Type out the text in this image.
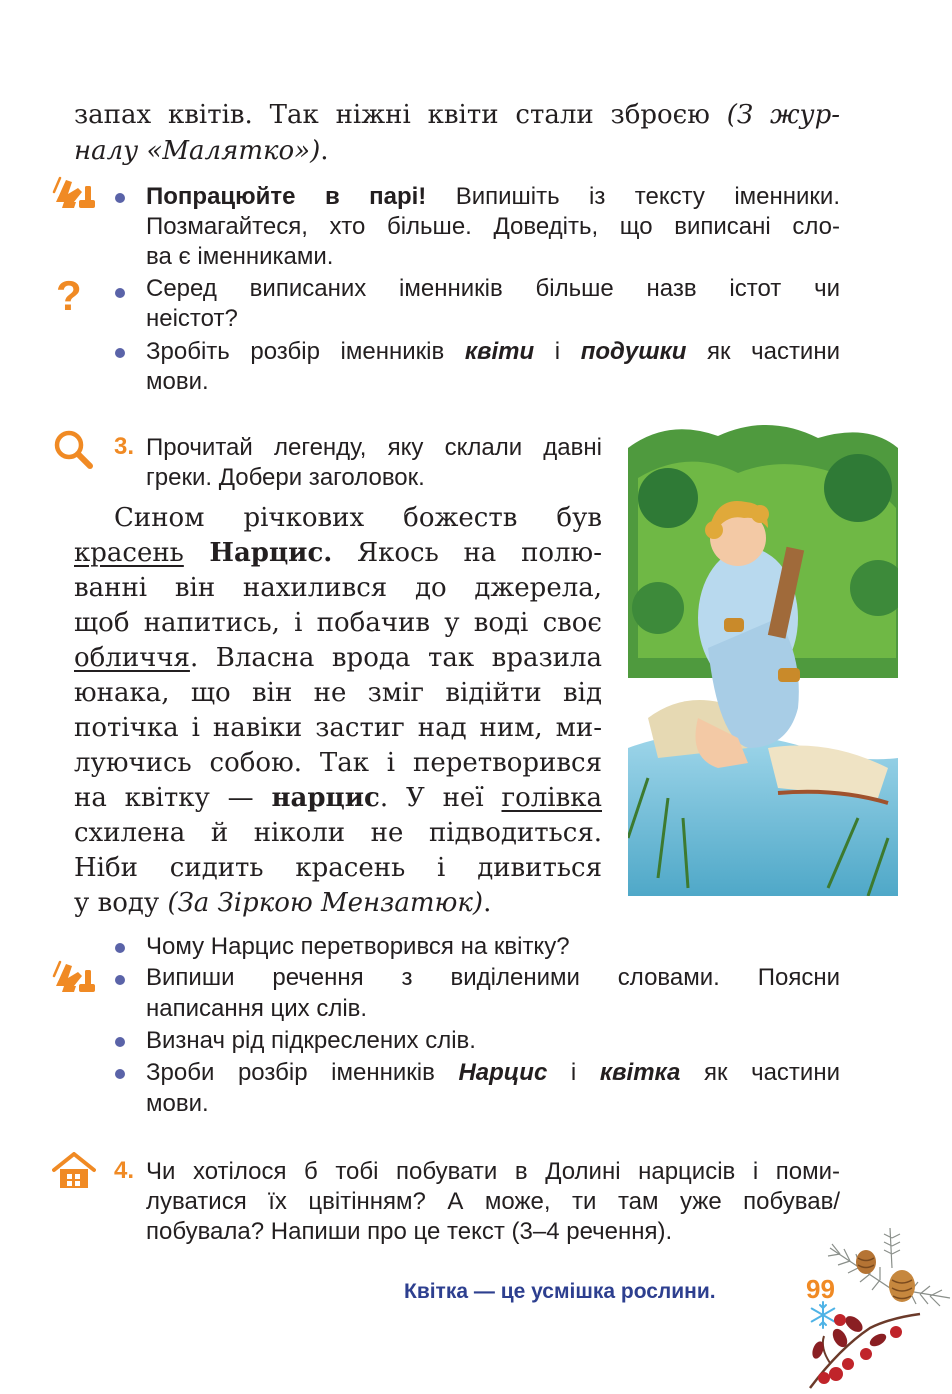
запах квітів. Так ніжні квіти стали зброєю (З жур-
налу «Малятко»).
Попрацюйте в парі! Випишіть із тексту іменники.
Позмагайтеся, хто більше. Доведіть, що виписані сло-
ва є іменниками.
?	Серед виписаних іменників більше назв істот чи
неістот?
Зробіть розбір іменників квіти і подушки як частини
мови.
3. Прочитай легенду, яку склали давні
греки. Добери заголовок.
Сином річкових божеств був
красень Нарцис. Якось на полю-
ванні він нахилився до джерела,
щоб напитись, і побачив у воді своє
обличчя. Власна врода так вразила
юнака, що він не зміг відійти від
потічка і навіки застиг над ним, ми-
луючись собою. Так і перетворився
на квітку — нарцис. У неї голівка
схилена й ніколи не підводиться.
Ніби сидить красень і дивиться
у воду (За Зіркою Мензатюк).
Чому Нарцис перетворився на квітку?
Випиши речення з виділеними словами. Поясни
написання цих слів.
Визнач рід підкреслених слів.
Зроби розбір іменників Нарцис і квітка як частини
мови.
4. Чи хотілося б тобі побувати в Долині нарцисів і поми-
луватися їх цвітінням? А може, ти там уже побував/
побувала? Напиши про це текст (3–4 речення).
Квітка — це усмішка рослини.	99
